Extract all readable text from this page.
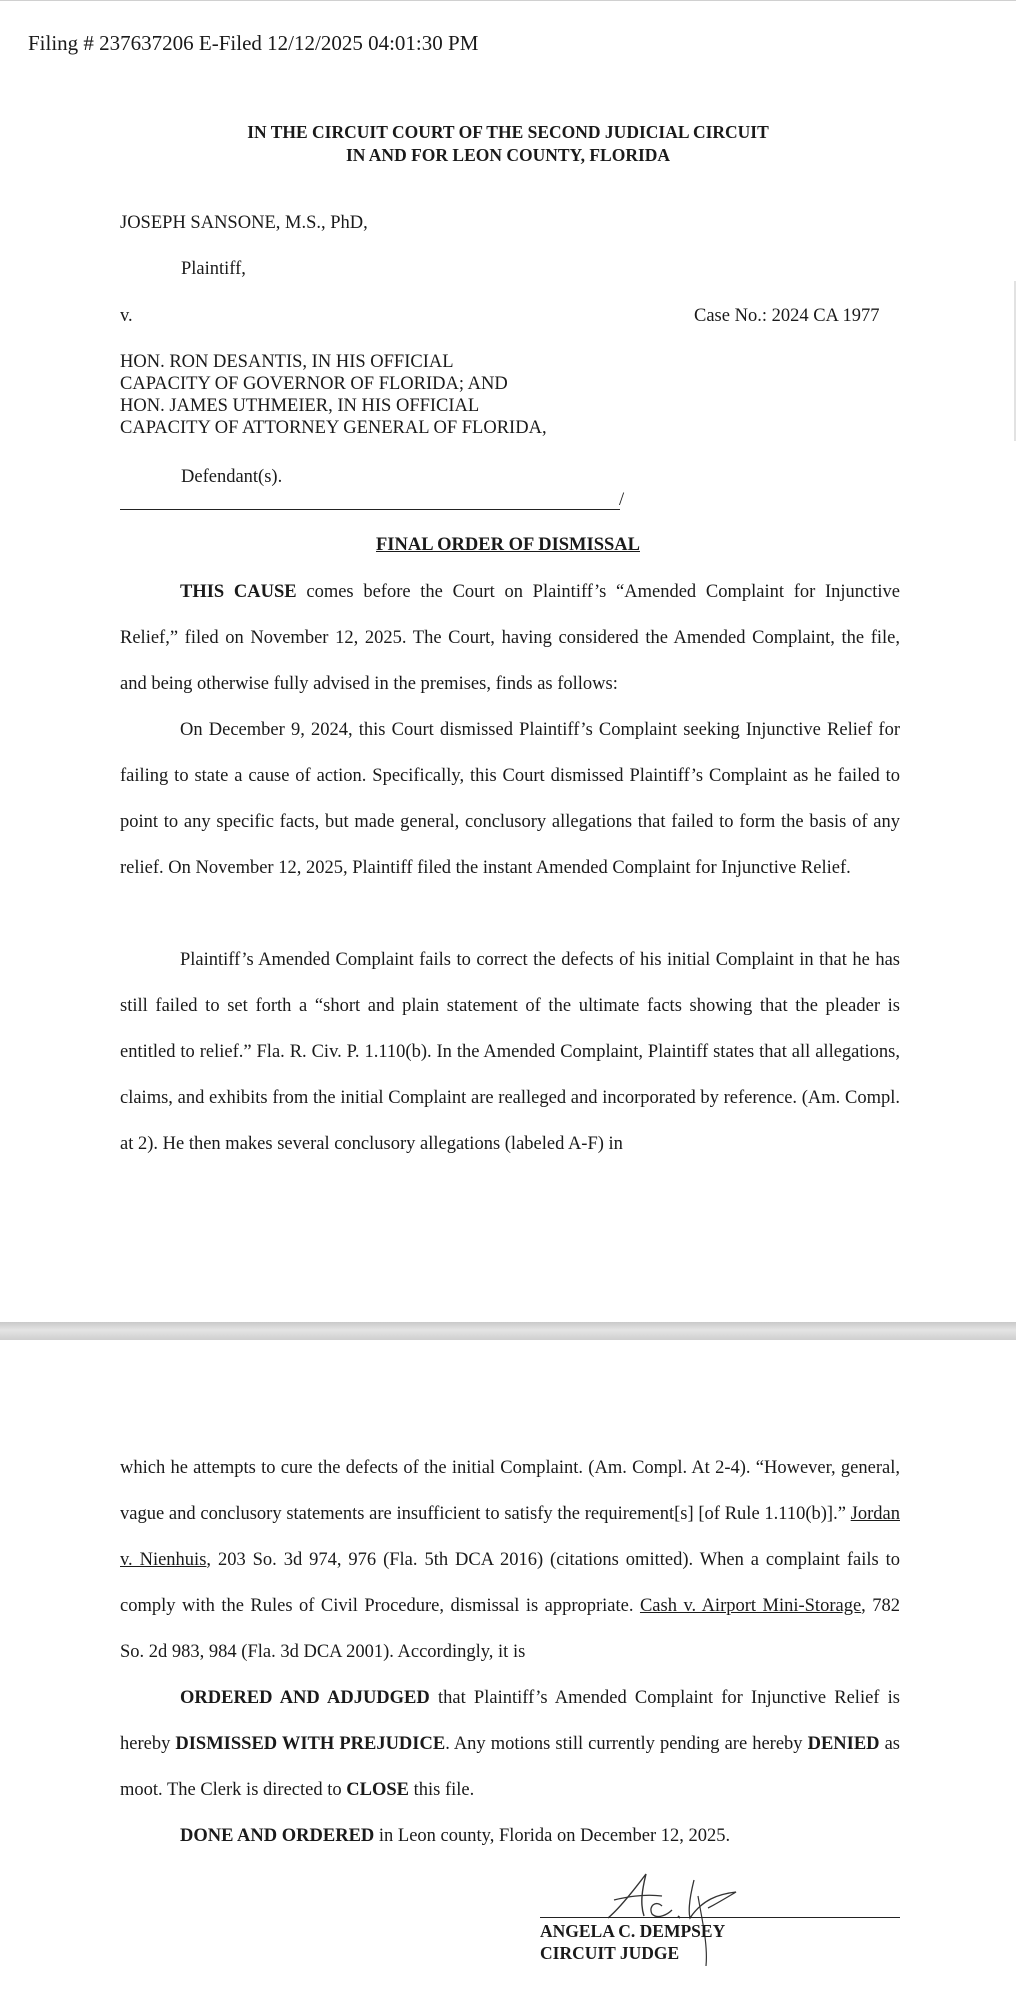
Filing # 237637206 E-Filed 12/12/2025 04:01:30 PM
IN THE CIRCUIT COURT OF THE SECOND JUDICIAL CIRCUIT
IN AND FOR LEON COUNTY, FLORIDA
JOSEPH SANSONE, M.S., PhD,
Plaintiff,
v.	Case No.: 2024 CA 1977
HON. RON DESANTIS, IN HIS OFFICIAL
CAPACITY OF GOVERNOR OF FLORIDA; AND
HON. JAMES UTHMEIER, IN HIS OFFICIAL
CAPACITY OF ATTORNEY GENERAL OF FLORIDA,
Defendant(s).
/
FINAL ORDER OF DISMISSAL

THIS CAUSE comes before the Court on Plaintiff’s “Amended Complaint for Injunctive Relief,” filed on November 12, 2025. The Court, having considered the Amended Complaint, the file, and being otherwise fully advised in the premises, finds as follows:

On December 9, 2024, this Court dismissed Plaintiff’s Complaint seeking Injunctive Relief for failing to state a cause of action. Specifically, this Court dismissed Plaintiff’s Complaint as he failed to point to any specific facts, but made general, conclusory allegations that failed to form the basis of any relief. On November 12, 2025, Plaintiff filed the instant Amended Complaint for Injunctive Relief.

Plaintiff’s Amended Complaint fails to correct the defects of his initial Complaint in that he has still failed to set forth a “short and plain statement of the ultimate facts showing that the pleader is entitled to relief.” Fla. R. Civ. P. 1.110(b). In the Amended Complaint, Plaintiff states that all allegations, claims, and exhibits from the initial Complaint are realleged and incorporated by reference. (Am. Compl. at 2). He then makes several conclusory allegations (labeled A-F) in

which he attempts to cure the defects of the initial Complaint. (Am. Compl. At 2-4). “However, general, vague and conclusory statements are insufficient to satisfy the requirement[s] [of Rule 1.110(b)].” Jordan v. Nienhuis, 203 So. 3d 974, 976 (Fla. 5th DCA 2016) (citations omitted). When a complaint fails to comply with the Rules of Civil Procedure, dismissal is appropriate. Cash v. Airport Mini-Storage, 782 So. 2d 983, 984 (Fla. 3d DCA 2001). Accordingly, it is

ORDERED AND ADJUDGED that Plaintiff’s Amended Complaint for Injunctive Relief is hereby DISMISSED WITH PREJUDICE. Any motions still currently pending are hereby DENIED as moot. The Clerk is directed to CLOSE this file.

DONE AND ORDERED in Leon county, Florida on December 12, 2025.

ANGELA C. DEMPSEY
CIRCUIT JUDGE
